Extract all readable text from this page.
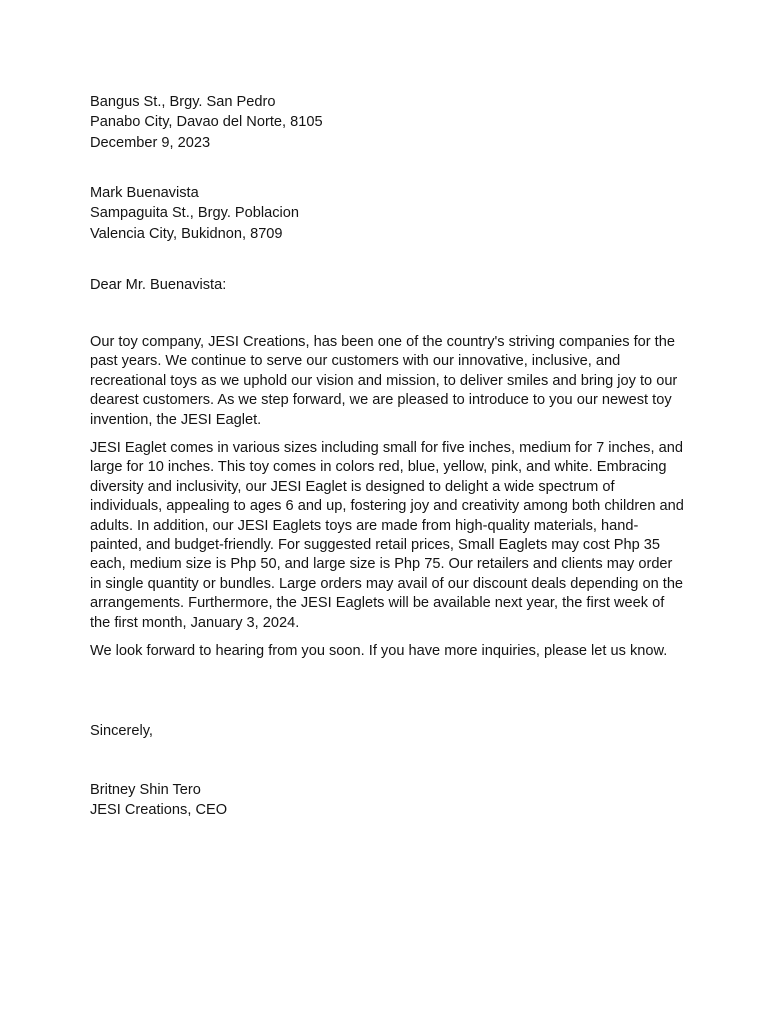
Bangus St., Brgy. San Pedro
Panabo City, Davao del Norte, 8105
December 9, 2023
Mark Buenavista
Sampaguita St., Brgy. Poblacion
Valencia City, Bukidnon, 8709
Dear Mr. Buenavista:

Our toy company, JESI Creations, has been one of the country's striving companies for the past years. We continue to serve our customers with our innovative, inclusive, and recreational toys as we uphold our vision and mission, to deliver smiles and bring joy to our dearest customers. As we step forward, we are pleased to introduce to you our newest toy invention, the JESI Eaglet.

JESI Eaglet comes in various sizes including small for five inches, medium for 7 inches, and large for 10 inches. This toy comes in colors red, blue, yellow, pink, and white. Embracing diversity and inclusivity, our JESI Eaglet is designed to delight a wide spectrum of individuals, appealing to ages 6 and up, fostering joy and creativity among both children and adults. In addition, our JESI Eaglets toys are made from high-quality materials, hand-painted, and budget-friendly. For suggested retail prices, Small Eaglets may cost Php 35 each, medium size is Php 50, and large size is Php 75. Our retailers and clients may order in single quantity or bundles. Large orders may avail of our discount deals depending on the arrangements. Furthermore, the JESI Eaglets will be available next year, the first week of the first month, January 3, 2024.

We look forward to hearing from you soon. If you have more inquiries, please let us know.

Sincerely,
Britney Shin Tero
JESI Creations, CEO
